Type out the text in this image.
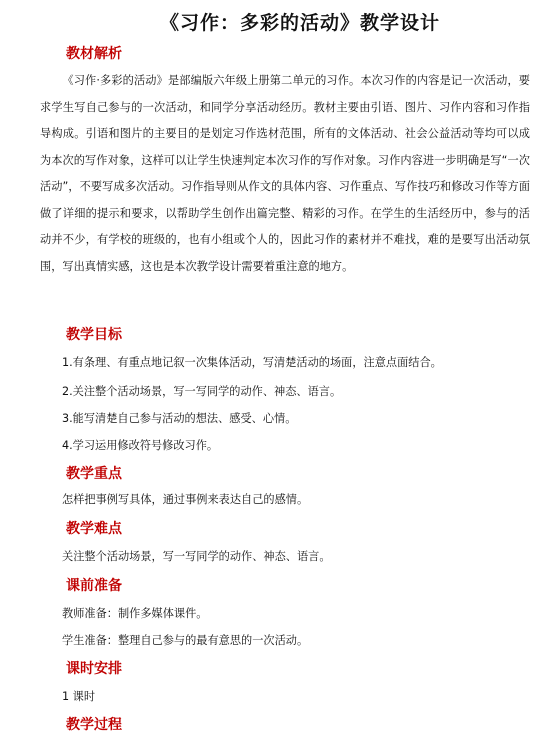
《习作：多彩的活动》教学设计
教材解析

《习作·多彩的活动》是部编版六年级上册第二单元的习作。本次习作的内容是记一次活动，要求学生写自己参与的一次活动，和同学分享活动经历。教材主要由引语、图片、习作内容和习作指导构成。引语和图片的主要目的是划定习作选材范围，所有的文体活动、社会公益活动等均可以成为本次的写作对象，这样可以让学生快速判定本次习作的写作对象。习作内容进一步明确是写“一次活动”，不要写成多次活动。习作指导则从作文的具体内容、习作重点、写作技巧和修改习作等方面做了详细的提示和要求，以帮助学生创作出篇完整、精彩的习作。在学生的生活经历中，参与的活动并不少，有学校的班级的，也有小组或个人的，因此习作的素材并不难找，难的是要写出活动氛围，写出真情实感，这也是本次教学设计需要着重注意的地方。

教学目标

1.有条理、有重点地记叙一次集体活动，写清楚活动的场面，注意点面结合。

2.关注整个活动场景，写一写同学的动作、神态、语言。

3.能写清楚自己参与活动的想法、感受、心情。

4.学习运用修改符号修改习作。

教学重点

怎样把事例写具体，通过事例来表达自己的感情。

教学难点

关注整个活动场景，写一写同学的动作、神态、语言。

课前准备

教师准备：制作多媒体课件。

学生准备：整理自己参与的最有意思的一次活动。

课时安排

1 课时

教学过程
